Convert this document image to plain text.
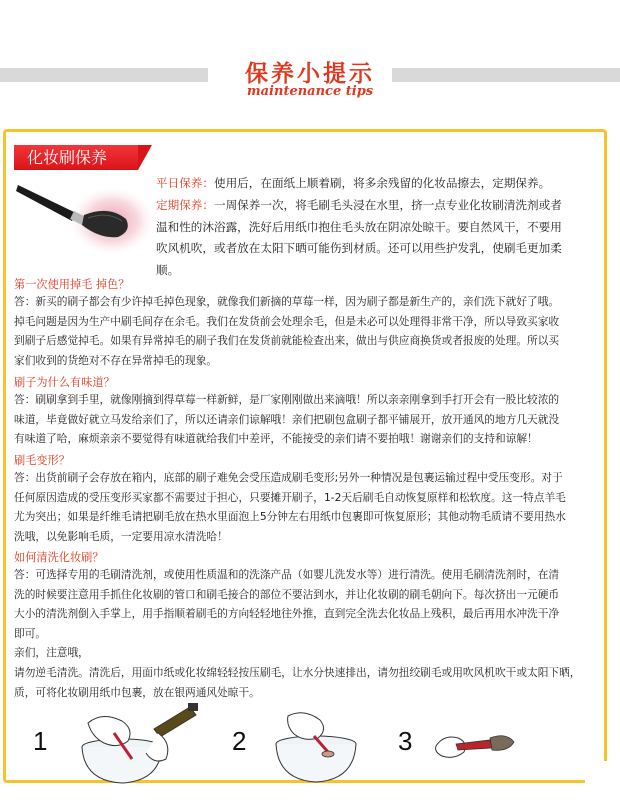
保养小提示
maintenance tips
化妆刷保养
平日保养：使用后，在面纸上顺着刷，将多余残留的化妆品擦去，定期保养。
定期保养：一周保养一次，将毛刷毛头浸在水里，挤一点专业化妆刷清洗剂或者
温和性的沐浴露，洗好后用纸巾抱住毛头放在阴凉处晾干。要自然风干，不要用
吹风机吹，或者放在太阳下晒可能伤到材质。还可以用些护发乳，使刷毛更加柔
顺。
第一次使用掉毛 掉色？
答：新买的刷子都会有少许掉毛掉色现象，就像我们新摘的草莓一样，因为刷子都是新生产的，亲们洗下就好了哦。
掉毛问题是因为生产中刷毛间存在余毛。我们在发货前会处理余毛，但是未必可以处理得非常干净，所以导致买家收
到刷子后感觉掉毛。如果有异常掉毛的刷子我们在发货前就能检查出来，做出与供应商换货或者报废的处理。所以买
家们收到的货绝对不存在异常掉毛的现象。
刷子为什么有味道？
答：刷刷拿到手里，就像刚摘到得草莓一样新鲜，是厂家刚刚做出来滴哦！所以亲亲刚拿到手打开会有一股比较浓的
味道，毕竟做好就立马发给亲们了，所以还请亲们谅解哦！亲们把刷包盒刷子都平铺展开，放开通风的地方几天就没
有味道了哈，麻烦亲亲不要觉得有味道就给我们中差评，不能接受的亲们请不要拍哦！谢谢亲们的支持和谅解！
刷毛变形？
答：出货前刷子会存放在箱内，底部的刷子难免会受压造成刷毛变形;另外一种情况是包裹运输过程中受压变形。对于
任何原因造成的受压变形买家都不需要过于担心，只要摊开刷子，1-2天后刷毛自动恢复原样和松软度。这一特点羊毛
尤为突出；如果是纤维毛请把刷毛放在热水里面泡上5分钟左右用纸巾包裹即可恢复原形；其他动物毛质请不要用热水
洗哦，以免影响毛质，一定要用凉水清洗哈！
如何清洗化妆刷？
答：可选择专用的毛刷清洗剂，或使用性质温和的洗涤产品（如婴儿洗发水等）进行清洗。使用毛刷清洗剂时，在清
洗的时候要注意用手抓住化妆刷的管口和刷毛接合的部位不要沾到水，并让化妆刷的刷毛朝向下。每次挤出一元硬币
大小的清洗剂倒入手掌上，用手指顺着刷毛的方向轻轻地往外推，直到完全洗去化妆品上残积，最后再用水冲洗干净
即可。
亲们，注意哦，
请勿逆毛清洗。清洗后，用面巾纸或化妆绵轻轻按压刷毛，让水分快速排出，请勿扭绞刷毛或用吹风机吹干或太阳下晒，
质，可将化妆刷用纸巾包裹，放在银两通风处晾干。
1	2	3
